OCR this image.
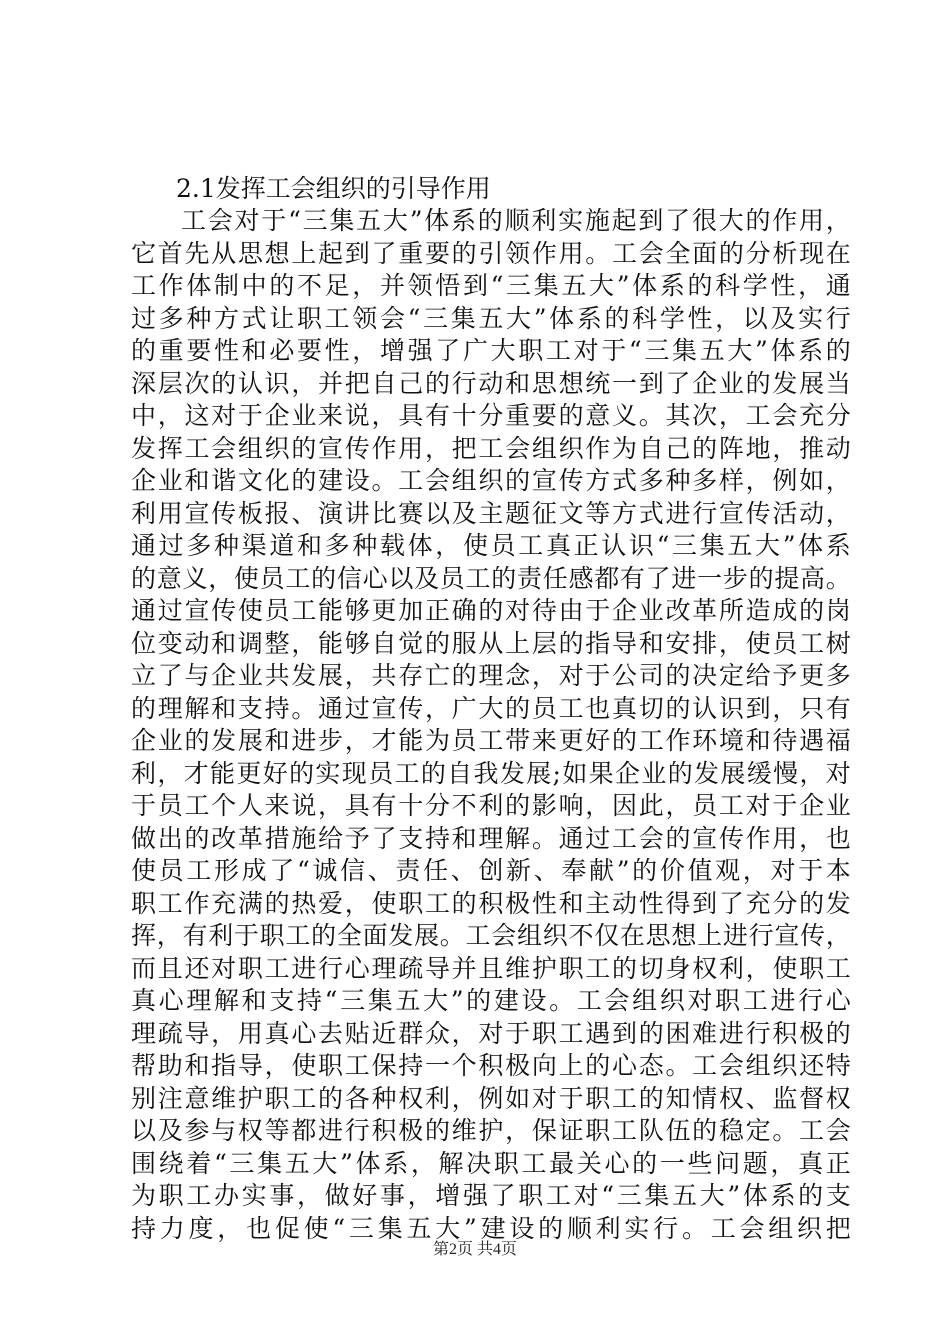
2.1发挥工会组织的引导作用
工会对于“三集五大”体系的顺利实施起到了很大的作用，
它首先从思想上起到了重要的引领作用。工会全面的分析现在
工作体制中的不足，并领悟到“三集五大”体系的科学性，通
过多种方式让职工领会“三集五大”体系的科学性，以及实行
的重要性和必要性，增强了广大职工对于“三集五大”体系的
深层次的认识，并把自己的行动和思想统一到了企业的发展当
中，这对于企业来说，具有十分重要的意义。其次，工会充分
发挥工会组织的宣传作用，把工会组织作为自己的阵地，推动
企业和谐文化的建设。工会组织的宣传方式多种多样，例如，
利用宣传板报、演讲比赛以及主题征文等方式进行宣传活动，
通过多种渠道和多种载体，使员工真正认识“三集五大”体系
的意义，使员工的信心以及员工的责任感都有了进一步的提高。
通过宣传使员工能够更加正确的对待由于企业改革所造成的岗
位变动和调整，能够自觉的服从上层的指导和安排，使员工树
立了与企业共发展，共存亡的理念，对于公司的决定给予更多
的理解和支持。通过宣传，广大的员工也真切的认识到，只有
企业的发展和进步，才能为员工带来更好的工作环境和待遇福
利，才能更好的实现员工的自我发展;如果企业的发展缓慢，对
于员工个人来说，具有十分不利的影响，因此，员工对于企业
做出的改革措施给予了支持和理解。通过工会的宣传作用，也
使员工形成了“诚信、责任、创新、奉献”的价值观，对于本
职工作充满的热爱，使职工的积极性和主动性得到了充分的发
挥，有利于职工的全面发展。工会组织不仅在思想上进行宣传，
而且还对职工进行心理疏导并且维护职工的切身权利，使职工
真心理解和支持“三集五大”的建设。工会组织对职工进行心
理疏导，用真心去贴近群众，对于职工遇到的困难进行积极的
帮助和指导，使职工保持一个积极向上的心态。工会组织还特
别注意维护职工的各种权利，例如对于职工的知情权、监督权
以及参与权等都进行积极的维护，保证职工队伍的稳定。工会
围绕着“三集五大”体系，解决职工最关心的一些问题，真正
为职工办实事，做好事，增强了职工对“三集五大”体系的支
持力度，也促使“三集五大”建设的顺利实行。工会组织把
第2页 共4页
